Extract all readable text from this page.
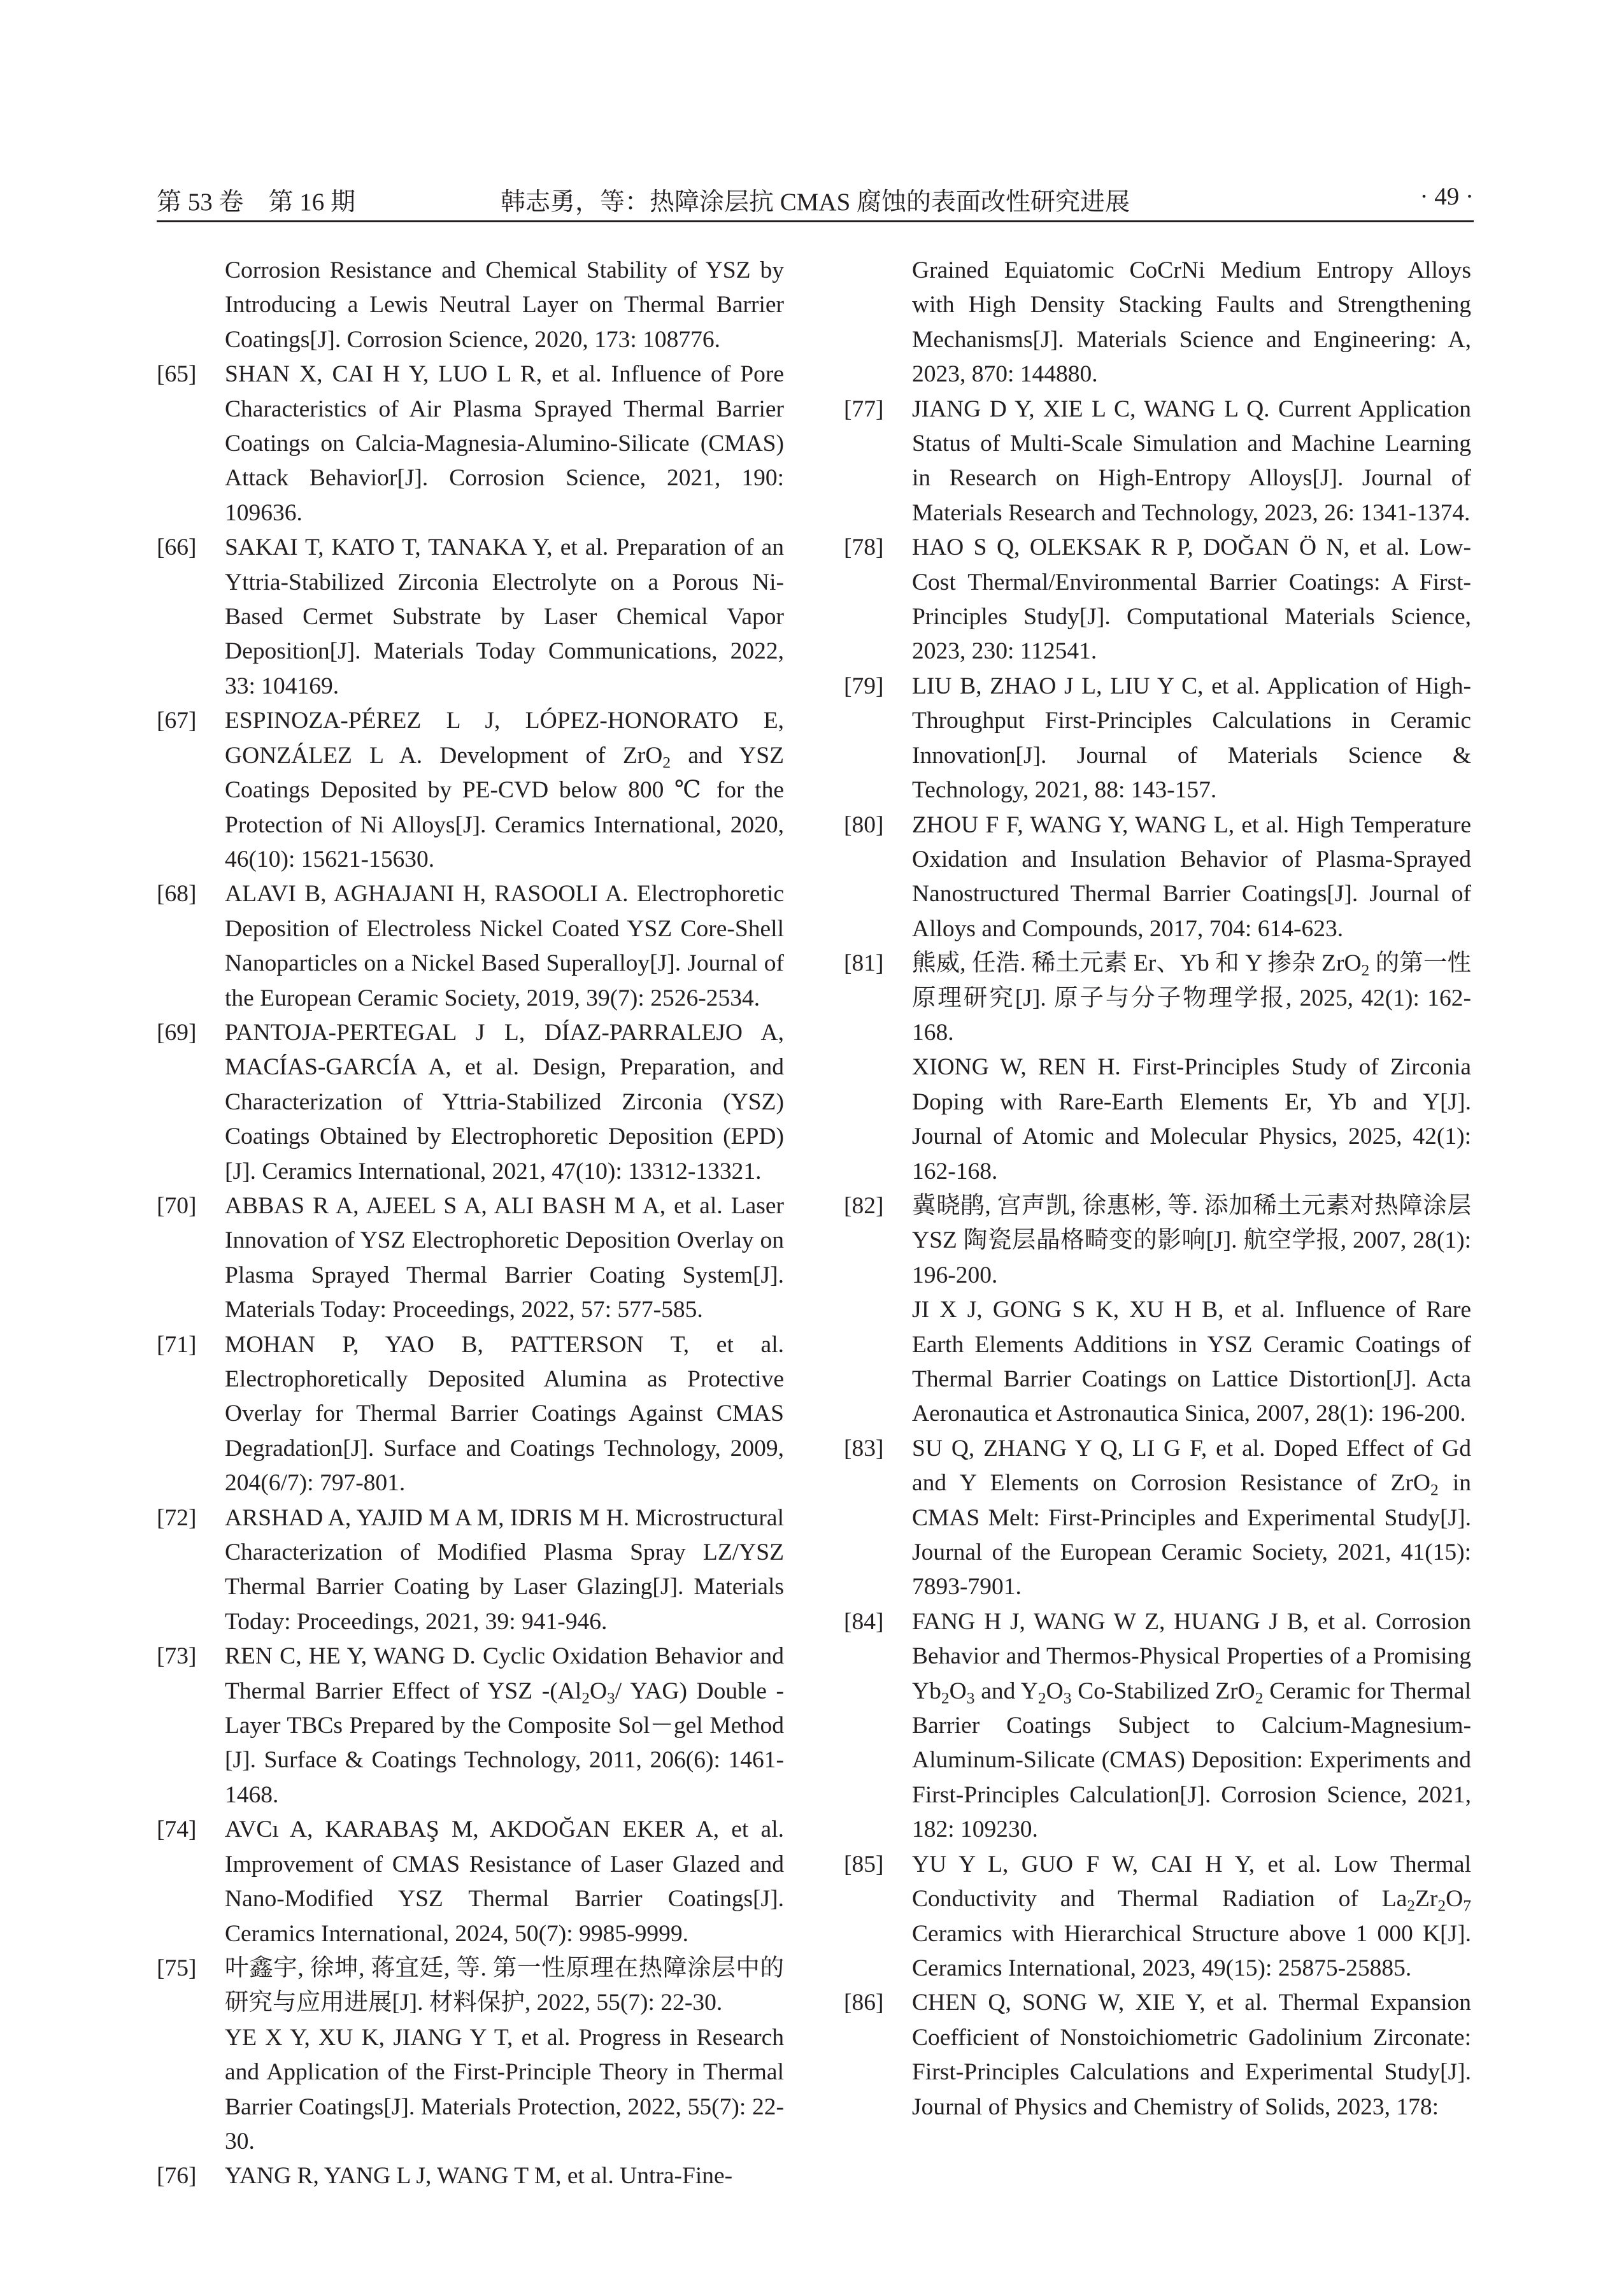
第 53 卷　第 16 期	韩志勇，等：热障涂层抗 CMAS 腐蚀的表面改性研究进展	· 49 ·
Corrosion Resistance and Chemical Stability of YSZ by Introducing a Lewis Neutral Layer on Thermal Barrier Coatings[J]. Corrosion Science, 2020, 173: 108776.
[65] SHAN X, CAI H Y, LUO L R, et al. Influence of Pore Characteristics of Air Plasma Sprayed Thermal Barrier Coatings on Calcia-Magnesia-Alumino-Silicate (CMAS) Attack Behavior[J]. Corrosion Science, 2021, 190: 109636.
[66] SAKAI T, KATO T, TANAKA Y, et al. Preparation of an Yttria-Stabilized Zirconia Electrolyte on a Porous Ni-Based Cermet Substrate by Laser Chemical Vapor Deposition[J]. Materials Today Communications, 2022, 33: 104169.
[67] ESPINOZA-PÉREZ L J, LÓPEZ-HONORATO E, GONZÁLEZ L A. Development of ZrO$_2$ and YSZ Coatings Deposited by PE-CVD below 800 ℃ for the Protection of Ni Alloys[J]. Ceramics International, 2020, 46(10): 15621-15630.
[68] ALAVI B, AGHAJANI H, RASOOLI A. Electrophoretic Deposition of Electroless Nickel Coated YSZ Core-Shell Nanoparticles on a Nickel Based Superalloy[J]. Journal of the European Ceramic Society, 2019, 39(7): 2526-2534.
[69] PANTOJA-PERTEGAL J L, DÍAZ-PARRALEJO A, MACÍAS-GARCÍA A, et al. Design, Preparation, and Characterization of Yttria-Stabilized Zirconia (YSZ) Coatings Obtained by Electrophoretic Deposition (EPD) [J]. Ceramics International, 2021, 47(10): 13312-13321.
[70] ABBAS R A, AJEEL S A, ALI BASH M A, et al. Laser Innovation of YSZ Electrophoretic Deposition Overlay on Plasma Sprayed Thermal Barrier Coating System[J]. Materials Today: Proceedings, 2022, 57: 577-585.
[71] MOHAN P, YAO B, PATTERSON T, et al. Electrophoretically Deposited Alumina as Protective Overlay for Thermal Barrier Coatings Against CMAS Degradation[J]. Surface and Coatings Technology, 2009, 204(6/7): 797-801.
[72] ARSHAD A, YAJID M A M, IDRIS M H. Microstructural Characterization of Modified Plasma Spray LZ/YSZ Thermal Barrier Coating by Laser Glazing[J]. Materials Today: Proceedings, 2021, 39: 941-946.
[73] REN C, HE Y, WANG D. Cyclic Oxidation Behavior and Thermal Barrier Effect of YSZ $-(Al_2O_3/$ YAG) Double - Layer TBCs Prepared by the Composite Sol－gel Method [J]. Surface & Coatings Technology, 2011, 206(6): 1461-1468.
[74] AVCı A, KARABAŞ M, AKDOĞAN EKER A, et al. Improvement of CMAS Resistance of Laser Glazed and Nano-Modified YSZ Thermal Barrier Coatings[J]. Ceramics International, 2024, 50(7): 9985-9999.
[75] 叶鑫宇, 徐坤, 蒋宜廷, 等. 第一性原理在热障涂层中的研究与应用进展[J]. 材料保护, 2022, 55(7): 22-30.
YE X Y, XU K, JIANG Y T, et al. Progress in Research and Application of the First-Principle Theory in Thermal Barrier Coatings[J]. Materials Protection, 2022, 55(7): 22-30.
[76] YANG R, YANG L J, WANG T M, et al. Untra-Fine-
Grained Equiatomic CoCrNi Medium Entropy Alloys with High Density Stacking Faults and Strengthening Mechanisms[J]. Materials Science and Engineering: A, 2023, 870: 144880.
[77] JIANG D Y, XIE L C, WANG L Q. Current Application Status of Multi-Scale Simulation and Machine Learning in Research on High-Entropy Alloys[J]. Journal of Materials Research and Technology, 2023, 26: 1341-1374.
[78] HAO S Q, OLEKSAK R P, DOĞAN Ö N, et al. Low-Cost Thermal/Environmental Barrier Coatings: A First-Principles Study[J]. Computational Materials Science, 2023, 230: 112541.
[79] LIU B, ZHAO J L, LIU Y C, et al. Application of High-Throughput First-Principles Calculations in Ceramic Innovation[J]. Journal of Materials Science & Technology, 2021, 88: 143-157.
[80] ZHOU F F, WANG Y, WANG L, et al. High Temperature Oxidation and Insulation Behavior of Plasma-Sprayed Nanostructured Thermal Barrier Coatings[J]. Journal of Alloys and Compounds, 2017, 704: 614-623.
[81] 熊威, 任浩. 稀土元素 Er、Yb 和 Y 掺杂 ZrO$_2$ 的第一性原理研究[J]. 原子与分子物理学报, 2025, 42(1): 162-168.
XIONG W, REN H. First-Principles Study of Zirconia Doping with Rare-Earth Elements Er, Yb and Y[J]. Journal of Atomic and Molecular Physics, 2025, 42(1): 162-168.
[82] 冀晓鹃, 宫声凯, 徐惠彬, 等. 添加稀土元素对热障涂层 YSZ 陶瓷层晶格畸变的影响[J]. 航空学报, 2007, 28(1): 196-200.
JI X J, GONG S K, XU H B, et al. Influence of Rare Earth Elements Additions in YSZ Ceramic Coatings of Thermal Barrier Coatings on Lattice Distortion[J]. Acta Aeronautica et Astronautica Sinica, 2007, 28(1): 196-200.
[83] SU Q, ZHANG Y Q, LI G F, et al. Doped Effect of Gd and Y Elements on Corrosion Resistance of ZrO$_2$ in CMAS Melt: First-Principles and Experimental Study[J]. Journal of the European Ceramic Society, 2021, 41(15): 7893-7901.
[84] FANG H J, WANG W Z, HUANG J B, et al. Corrosion Behavior and Thermos-Physical Properties of a Promising $Yb_2O_3$ and $Y_2O_3$ Co-Stabilized ZrO$_2$ Ceramic for Thermal Barrier Coatings Subject to Calcium-Magnesium-Aluminum-Silicate (CMAS) Deposition: Experiments and First-Principles Calculation[J]. Corrosion Science, 2021, 182: 109230.
[85] YU Y L, GUO F W, CAI H Y, et al. Low Thermal Conductivity and Thermal Radiation of $La_2Zr_2O_7$ Ceramics with Hierarchical Structure above 1 000 K[J]. Ceramics International, 2023, 49(15): 25875-25885.
[86] CHEN Q, SONG W, XIE Y, et al. Thermal Expansion Coefficient of Nonstoichiometric Gadolinium Zirconate: First-Principles Calculations and Experimental Study[J]. Journal of Physics and Chemistry of Solids, 2023, 178:
